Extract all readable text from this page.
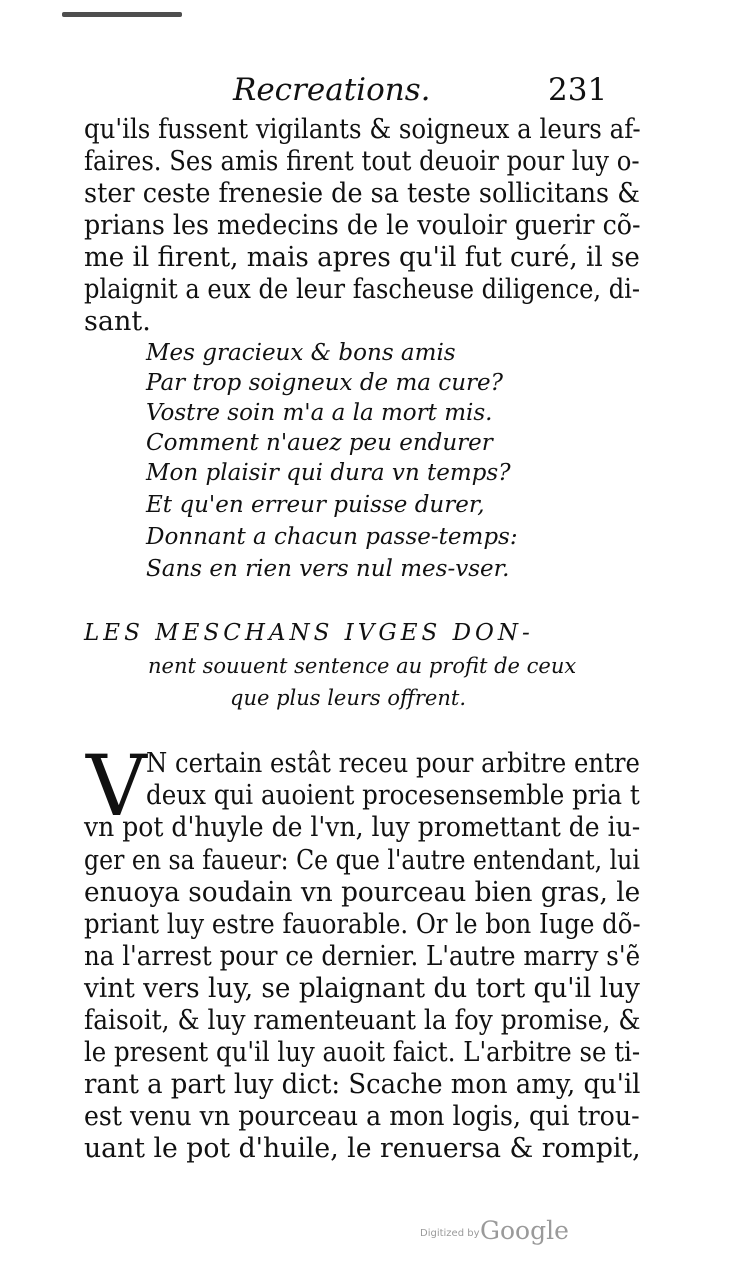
Recreations.	231
qu'ils fussent vigilants & soigneux a leurs af-
faires. Ses amis firent tout deuoir pour luy o-
ster ceste frenesie de sa teste sollicitans &
prians les medecins de le vouloir guerir cõ-
me il firent, mais apres qu'il fut curé, il se
plaignit a eux de leur fascheuse diligence, di-
sant.
Mes gracieux & bons amis
Par trop soigneux de ma cure?
Vostre soin m'a a la mort mis.
Comment n'auez peu endurer
Mon plaisir qui dura vn temps?
Et qu'en erreur puisse durer,
Donnant a chacun passe-temps:
Sans en rien vers nul mes-vser.
LES MESCHANS IVGES DON-
nent souuent sentence au profit de ceux
que plus leurs offrent.
V N certain estât receu pour arbitre entre
deux qui auoient procesensemble pria t
vn pot d'huyle de l'vn, luy promettant de iu-
ger en sa faueur: Ce que l'autre entendant, lui
enuoya soudain vn pourceau bien gras, le
priant luy estre fauorable. Or le bon Iuge dõ-
na l'arrest pour ce dernier. L'autre marry s'ẽ
vint vers luy, se plaignant du tort qu'il luy
faisoit, & luy ramenteuant la foy promise, &
le present qu'il luy auoit faict. L'arbitre se ti-
rant a part luy dict: Scache mon amy, qu'il
est venu vn pourceau a mon logis, qui trou-
uant le pot d'huile, le renuersa & rompit,
Digitized by Google
